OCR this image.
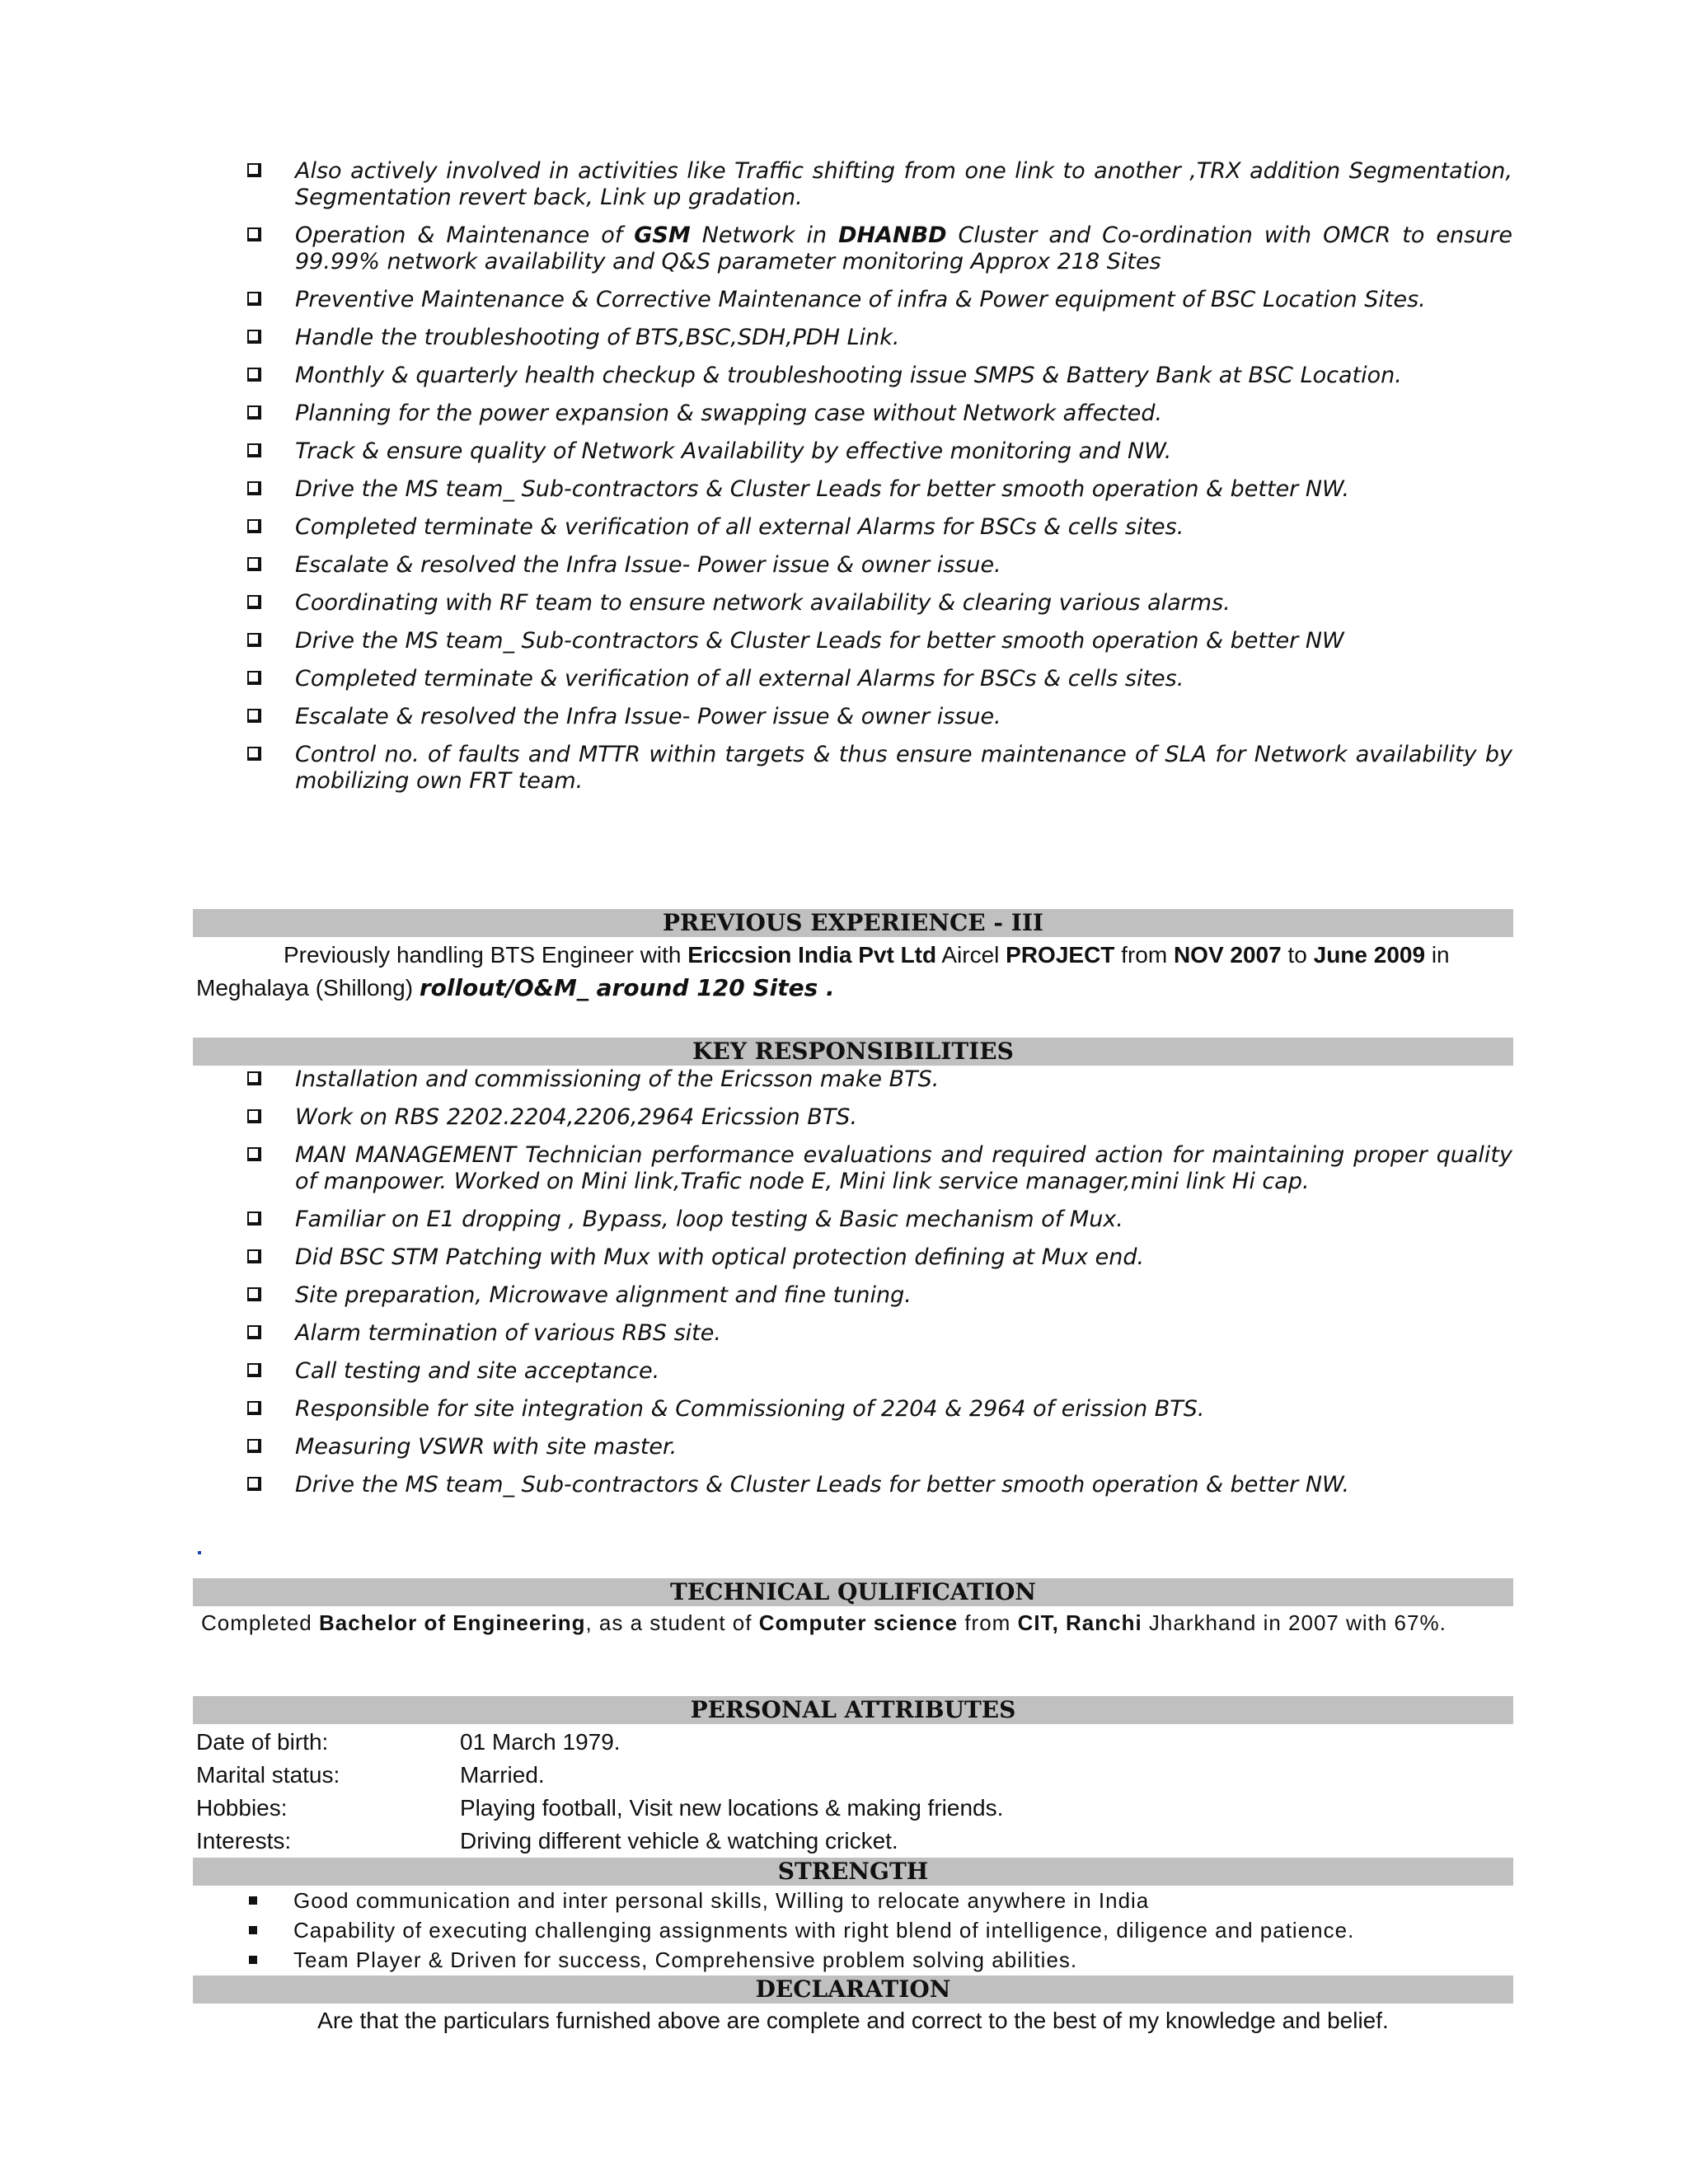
Also actively involved in activities like Traffic shifting from one link to another ,TRX addition Segmentation, Segmentation revert back, Link up gradation.
Operation & Maintenance of GSM Network in DHANBD Cluster and Co-ordination with OMCR to ensure 99.99% network availability and Q&S parameter monitoring Approx 218 Sites
Preventive Maintenance & Corrective Maintenance of infra & Power equipment of BSC Location Sites.
Handle the troubleshooting of BTS,BSC,SDH,PDH Link.
Monthly & quarterly health checkup & troubleshooting issue SMPS & Battery Bank at BSC Location.
Planning for the power expansion & swapping case without Network affected.
Track & ensure quality of Network Availability by effective monitoring and NW.
Drive the MS team_ Sub-contractors & Cluster Leads for better smooth operation & better NW.
Completed terminate & verification of all external Alarms for BSCs & cells sites.
Escalate & resolved the Infra Issue- Power issue & owner issue.
Coordinating with RF team to ensure network availability & clearing various alarms.
Drive the MS team_ Sub-contractors & Cluster Leads for better smooth operation & better NW
Completed terminate & verification of all external Alarms for BSCs & cells sites.
Escalate & resolved the Infra Issue- Power issue & owner issue.
Control no. of faults and MTTR within targets & thus ensure maintenance of SLA for Network availability by mobilizing own FRT team.
PREVIOUS EXPERIENCE - III
Previously handling BTS Engineer with Ericcsion India Pvt Ltd Aircel PROJECT from NOV 2007 to June 2009 in Meghalaya (Shillong) rollout/O&M_ around 120 Sites .
KEY RESPONSIBILITIES
Installation and commissioning of the Ericsson make BTS.
Work on RBS 2202.2204,2206,2964 Ericssion BTS.
MAN MANAGEMENT Technician performance evaluations and required action for maintaining proper quality of manpower. Worked on Mini link,Trafic node E, Mini link service manager,mini link Hi cap.
Familiar on E1 dropping , Bypass, loop testing & Basic mechanism of Mux.
Did BSC STM Patching with Mux with optical protection defining at Mux end.
Site preparation, Microwave alignment and fine tuning.
Alarm termination of various RBS site.
Call testing and site acceptance.
Responsible for site integration & Commissioning of 2204 & 2964 of erission BTS.
Measuring VSWR with site master.
Drive the MS team_ Sub-contractors & Cluster Leads for better smooth operation & better NW.
TECHNICAL QULIFICATION
Completed Bachelor of Engineering, as a student of Computer science from CIT, Ranchi Jharkhand in 2007 with 67%.
PERSONAL ATTRIBUTES
Date of birth:	01 March 1979.
Marital status:	Married.
Hobbies:	Playing football, Visit new locations & making friends.
Interests:	Driving different vehicle & watching cricket.
STRENGTH
Good communication and inter personal skills, Willing to relocate anywhere in India
Capability of executing challenging assignments with right blend of intelligence, diligence and patience.
Team Player & Driven for success, Comprehensive problem solving abilities.
DECLARATION
Are that the particulars furnished above are complete and correct to the best of my knowledge and belief.
